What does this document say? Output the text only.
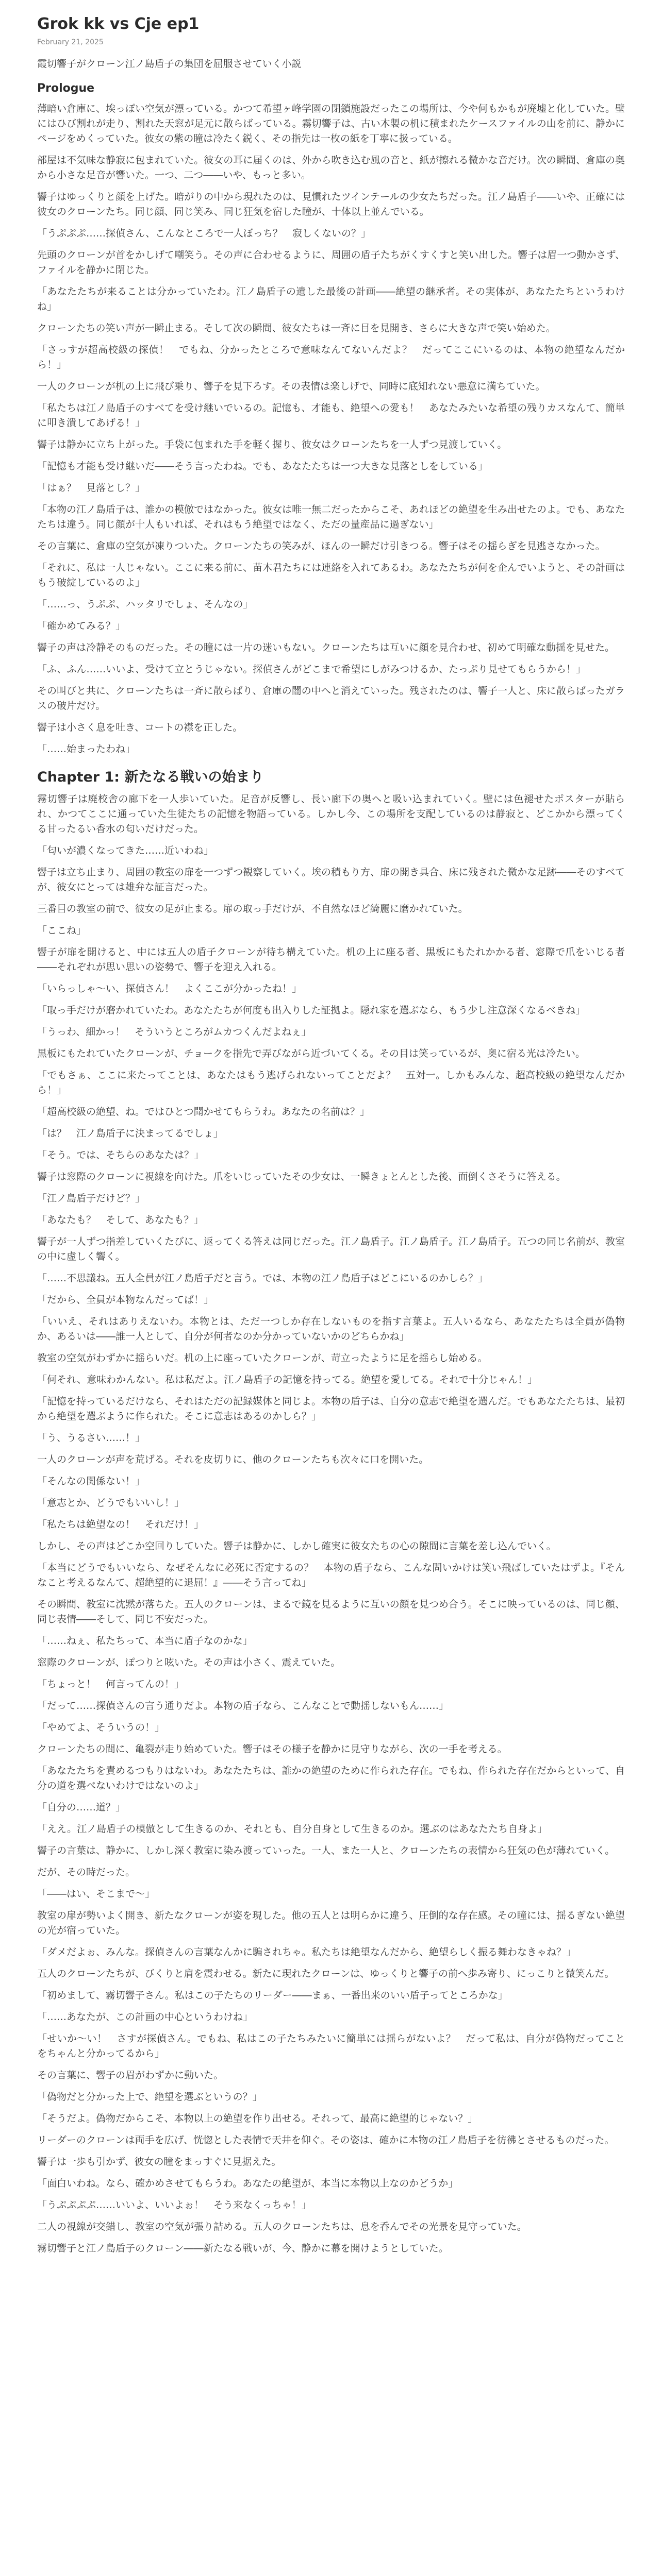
Grok kk vs Cje ep1
February 21, 2025
霞切響子がクローン江ノ島盾子の集団を屈服させていく小説
Prologue

薄暗い倉庫に、埃っぽい空気が漂っている。かつて希望ヶ峰学園の閉鎖施設だったこの場所は、今や何もかもが廃墟と化していた。壁にはひび割れが走り、割れた天窓が足元に散らばっている。霧切響子は、古い木製の机に積まれたケースファイルの山を前に、静かにページをめくっていた。彼女の紫の瞳は冷たく鋭く、その指先は一枚の紙を丁寧に扱っている。

部屋は不気味な静寂に包まれていた。彼女の耳に届くのは、外から吹き込む風の音と、紙が擦れる微かな音だけ。次の瞬間、倉庫の奥から小さな足音が響いた。一つ、二つ――いや、もっと多い。

響子はゆっくりと顔を上げた。暗がりの中から現れたのは、見慣れたツインテールの少女たちだった。江ノ島盾子――いや、正確には彼女のクローンたち。同じ顔、同じ笑み、同じ狂気を宿した瞳が、十体以上並んでいる。

「うぷぷぷ……探偵さん、こんなところで一人ぼっち？　寂しくないの？」

先頭のクローンが首をかしげて嘲笑う。その声に合わせるように、周囲の盾子たちがくすくすと笑い出した。響子は眉一つ動かさず、ファイルを静かに閉じた。

「あなたたちが来ることは分かっていたわ。江ノ島盾子の遺した最後の計画――絶望の継承者。その実体が、あなたたちというわけね」

クローンたちの笑い声が一瞬止まる。そして次の瞬間、彼女たちは一斉に目を見開き、さらに大きな声で笑い始めた。

「さっすが超高校級の探偵！　でもね、分かったところで意味なんてないんだよ？　だってここにいるのは、本物の絶望なんだから！」

一人のクローンが机の上に飛び乗り、響子を見下ろす。その表情は楽しげで、同時に底知れない悪意に満ちていた。

「私たちは江ノ島盾子のすべてを受け継いでいるの。記憶も、才能も、絶望への愛も！　あなたみたいな希望の残りカスなんて、簡単に叩き潰してあげる！」

響子は静かに立ち上がった。手袋に包まれた手を軽く握り、彼女はクローンたちを一人ずつ見渡していく。

「記憶も才能も受け継いだ――そう言ったわね。でも、あなたたちは一つ大きな見落としをしている」

「はぁ？　見落とし？」

「本物の江ノ島盾子は、誰かの模倣ではなかった。彼女は唯一無二だったからこそ、あれほどの絶望を生み出せたのよ。でも、あなたたちは違う。同じ顔が十人もいれば、それはもう絶望ではなく、ただの量産品に過ぎない」

その言葉に、倉庫の空気が凍りついた。クローンたちの笑みが、ほんの一瞬だけ引きつる。響子はその揺らぎを見逃さなかった。

「それに、私は一人じゃない。ここに来る前に、苗木君たちには連絡を入れてあるわ。あなたたちが何を企んでいようと、その計画はもう破綻しているのよ」

「……っ、うぷぷ、ハッタリでしょ、そんなの」

「確かめてみる？」

響子の声は冷静そのものだった。その瞳には一片の迷いもない。クローンたちは互いに顔を見合わせ、初めて明確な動揺を見せた。

「ふ、ふん……いいよ、受けて立とうじゃない。探偵さんがどこまで希望にしがみつけるか、たっぷり見せてもらうから！」

その叫びと共に、クローンたちは一斉に散らばり、倉庫の闇の中へと消えていった。残されたのは、響子一人と、床に散らばったガラスの破片だけ。

響子は小さく息を吐き、コートの襟を正した。

「……始まったわね」

Chapter 1: 新たなる戦いの始まり

霧切響子は廃校舎の廊下を一人歩いていた。足音が反響し、長い廊下の奥へと吸い込まれていく。壁には色褪せたポスターが貼られ、かつてここに通っていた生徒たちの記憶を物語っている。しかし今、この場所を支配しているのは静寂と、どこかから漂ってくる甘ったるい香水の匂いだけだった。

「匂いが濃くなってきた……近いわね」

響子は立ち止まり、周囲の教室の扉を一つずつ観察していく。埃の積もり方、扉の開き具合、床に残された微かな足跡――そのすべてが、彼女にとっては雄弁な証言だった。

三番目の教室の前で、彼女の足が止まる。扉の取っ手だけが、不自然なほど綺麗に磨かれていた。

「ここね」

響子が扉を開けると、中には五人の盾子クローンが待ち構えていた。机の上に座る者、黒板にもたれかかる者、窓際で爪をいじる者――それぞれが思い思いの姿勢で、響子を迎え入れる。

「いらっしゃ〜い、探偵さん！　よくここが分かったね！」

「取っ手だけが磨かれていたわ。あなたたちが何度も出入りした証拠よ。隠れ家を選ぶなら、もう少し注意深くなるべきね」

「うっわ、細かっ！　そういうところがムカつくんだよねぇ」

黒板にもたれていたクローンが、チョークを指先で弄びながら近づいてくる。その目は笑っているが、奥に宿る光は冷たい。

「でもさぁ、ここに来たってことは、あなたはもう逃げられないってことだよ？　五対一。しかもみんな、超高校級の絶望なんだから！」

「超高校級の絶望、ね。ではひとつ聞かせてもらうわ。あなたの名前は？」

「は？　江ノ島盾子に決まってるでしょ」

「そう。では、そちらのあなたは？」

響子は窓際のクローンに視線を向けた。爪をいじっていたその少女は、一瞬きょとんとした後、面倒くさそうに答える。

「江ノ島盾子だけど？」

「あなたも？　そして、あなたも？」

響子が一人ずつ指差していくたびに、返ってくる答えは同じだった。江ノ島盾子。江ノ島盾子。江ノ島盾子。五つの同じ名前が、教室の中に虚しく響く。

「……不思議ね。五人全員が江ノ島盾子だと言う。では、本物の江ノ島盾子はどこにいるのかしら？」

「だから、全員が本物なんだってば！」

「いいえ、それはありえないわ。本物とは、ただ一つしか存在しないものを指す言葉よ。五人いるなら、あなたたちは全員が偽物か、あるいは――誰一人として、自分が何者なのか分かっていないかのどちらかね」

教室の空気がわずかに揺らいだ。机の上に座っていたクローンが、苛立ったように足を揺らし始める。

「何それ、意味わかんない。私は私だよ。江ノ島盾子の記憶を持ってる。絶望を愛してる。それで十分じゃん！」

「記憶を持っているだけなら、それはただの記録媒体と同じよ。本物の盾子は、自分の意志で絶望を選んだ。でもあなたたちは、最初から絶望を選ぶように作られた。そこに意志はあるのかしら？」

「う、うるさい……！」

一人のクローンが声を荒げる。それを皮切りに、他のクローンたちも次々に口を開いた。

「そんなの関係ない！」

「意志とか、どうでもいいし！」

「私たちは絶望なの！　それだけ！」

しかし、その声はどこか空回りしていた。響子は静かに、しかし確実に彼女たちの心の隙間に言葉を差し込んでいく。

「本当にどうでもいいなら、なぜそんなに必死に否定するの？　本物の盾子なら、こんな問いかけは笑い飛ばしていたはずよ。『そんなこと考えるなんて、超絶望的に退屈！』――そう言ってね」

その瞬間、教室に沈黙が落ちた。五人のクローンは、まるで鏡を見るように互いの顔を見つめ合う。そこに映っているのは、同じ顔、同じ表情――そして、同じ不安だった。

「……ねぇ、私たちって、本当に盾子なのかな」

窓際のクローンが、ぽつりと呟いた。その声は小さく、震えていた。

「ちょっと！　何言ってんの！」

「だって……探偵さんの言う通りだよ。本物の盾子なら、こんなことで動揺しないもん……」

「やめてよ、そういうの！」

クローンたちの間に、亀裂が走り始めていた。響子はその様子を静かに見守りながら、次の一手を考える。

「あなたたちを責めるつもりはないわ。あなたたちは、誰かの絶望のために作られた存在。でもね、作られた存在だからといって、自分の道を選べないわけではないのよ」

「自分の……道？」

「ええ。江ノ島盾子の模倣として生きるのか、それとも、自分自身として生きるのか。選ぶのはあなたたち自身よ」

響子の言葉は、静かに、しかし深く教室に染み渡っていった。一人、また一人と、クローンたちの表情から狂気の色が薄れていく。

だが、その時だった。

「――はい、そこまで〜」

教室の扉が勢いよく開き、新たなクローンが姿を現した。他の五人とは明らかに違う、圧倒的な存在感。その瞳には、揺るぎない絶望の光が宿っていた。

「ダメだよぉ、みんな。探偵さんの言葉なんかに騙されちゃ。私たちは絶望なんだから、絶望らしく振る舞わなきゃね？」

五人のクローンたちが、びくりと肩を震わせる。新たに現れたクローンは、ゆっくりと響子の前へ歩み寄り、にっこりと微笑んだ。

「初めまして、霧切響子さん。私はこの子たちのリーダー――まぁ、一番出来のいい盾子ってところかな」

「……あなたが、この計画の中心というわけね」

「せいか〜い！　さすが探偵さん。でもね、私はこの子たちみたいに簡単には揺らがないよ？　だって私は、自分が偽物だってことをちゃんと分かってるから」

その言葉に、響子の眉がわずかに動いた。

「偽物だと分かった上で、絶望を選ぶというの？」

「そうだよ。偽物だからこそ、本物以上の絶望を作り出せる。それって、最高に絶望的じゃない？」

リーダーのクローンは両手を広げ、恍惚とした表情で天井を仰ぐ。その姿は、確かに本物の江ノ島盾子を彷彿とさせるものだった。

響子は一歩も引かず、彼女の瞳をまっすぐに見据えた。

「面白いわね。なら、確かめさせてもらうわ。あなたの絶望が、本当に本物以上なのかどうか」

「うぷぷぷぷ……いいよ、いいよぉ！　そう来なくっちゃ！」

二人の視線が交錯し、教室の空気が張り詰める。五人のクローンたちは、息を呑んでその光景を見守っていた。

霧切響子と江ノ島盾子のクローン――新たなる戦いが、今、静かに幕を開けようとしていた。
